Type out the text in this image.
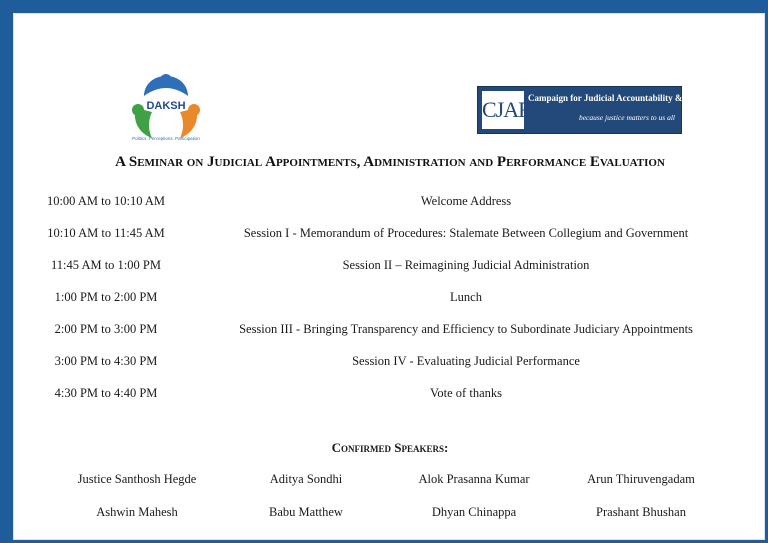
DAKSH
Politics. Perceptions. Participation
CJAR
Campaign for Judicial Accountability & Judicial Reforms
because justice matters to us all
A Seminar on Judicial Appointments, Administration and Performance Evaluation
10:00 AM to 10:10 AM	Welcome Address
10:10 AM to 11:45 AM	Session I - Memorandum of Procedures: Stalemate Between Collegium and Government
11:45 AM to 1:00 PM	Session II – Reimagining Judicial Administration
1:00 PM to 2:00 PM	Lunch
2:00 PM to 3:00 PM	Session III - Bringing Transparency and Efficiency to Subordinate Judiciary Appointments
3:00 PM to 4:30 PM	Session IV - Evaluating Judicial Performance
4:30 PM to 4:40 PM	Vote of thanks
Confirmed Speakers:
Justice Santhosh Hegde	Aditya Sondhi	Alok Prasanna Kumar	Arun Thiruvengadam
Ashwin Mahesh	Babu Matthew	Dhyan Chinappa	Prashant Bhushan
